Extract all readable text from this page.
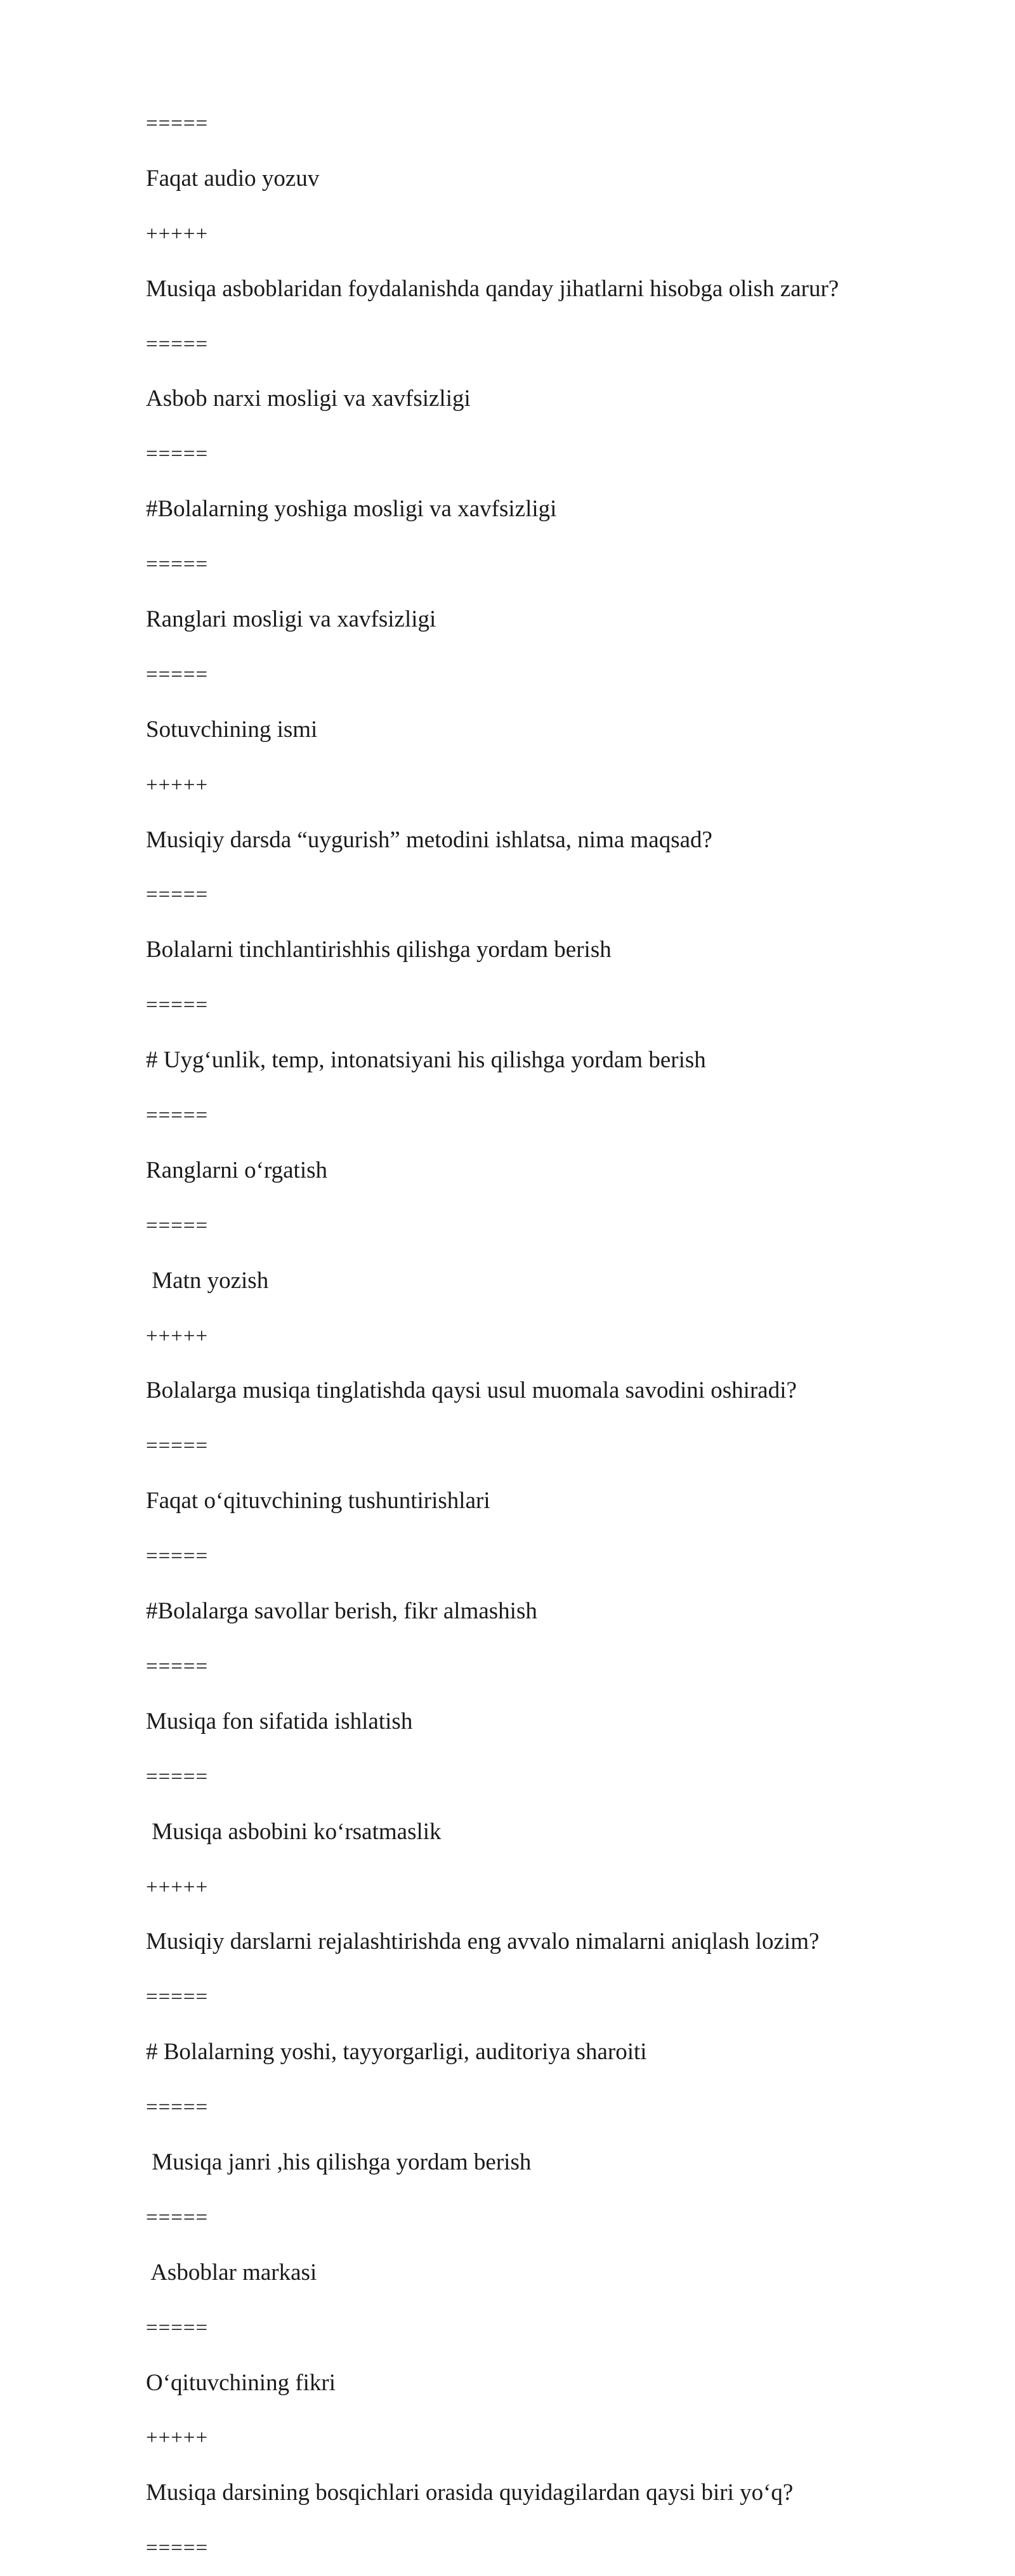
=====
Faqat audio yozuv
+++++
Musiqa asboblaridan foydalanishda qanday jihatlarni hisobga olish zarur?
=====
Asbob narxi mosligi va xavfsizligi
=====
#Bolalarning yoshiga mosligi va xavfsizligi
=====
Ranglari mosligi va xavfsizligi
=====
Sotuvchining ismi
+++++
Musiqiy darsda “uygurish” metodini ishlatsa, nima maqsad?
=====
Bolalarni tinchlantirishhis qilishga yordam berish
=====
# Uyg‘unlik, temp, intonatsiyani his qilishga yordam berish
=====
Ranglarni o‘rgatish
=====
Matn yozish
+++++
Bolalarga musiqa tinglatishda qaysi usul muomala savodini oshiradi?
=====
Faqat o‘qituvchining tushuntirishlari
=====
#Bolalarga savollar berish, fikr almashish
=====
Musiqa fon sifatida ishlatish
=====
Musiqa asbobini ko‘rsatmaslik
+++++
Musiqiy darslarni rejalashtirishda eng avvalo nimalarni aniqlash lozim?
=====
# Bolalarning yoshi, tayyorgarligi, auditoriya sharoiti
=====
Musiqa janri ,his qilishga yordam berish
=====
Asboblar markasi
=====
O‘qituvchining fikri
+++++
Musiqa darsining bosqichlari orasida quyidagilardan qaysi biri yo‘q?
=====
